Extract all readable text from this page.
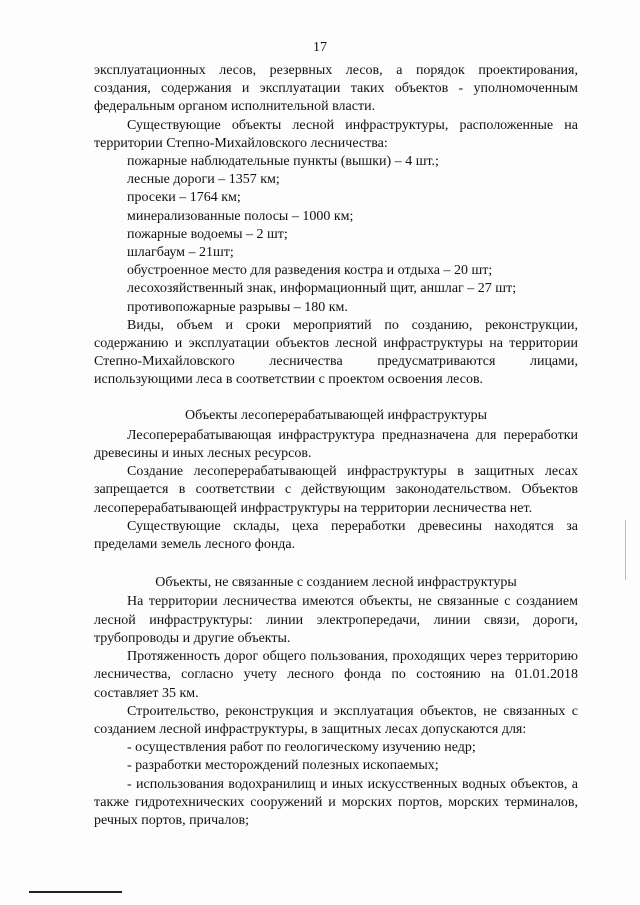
17

эксплуатационных лесов, резервных лесов, а порядок проектирования,

создания, содержания и эксплуатации таких объектов - уполномоченным

федеральным органом исполнительной власти.

Существующие объекты лесной инфраструктуры, расположенные на территории Степно-Михайловского лесничества:

пожарные наблюдательные пункты (вышки) – 4 шт.;

лесные дороги – 1357 км;

просеки – 1764 км;

минерализованные полосы – 1000 км;

пожарные водоемы – 2 шт;

шлагбаум – 21шт;

обустроенное место для разведения костра и отдыха – 20 шт;

лесохозяйственный знак, информационный щит, аншлаг – 27 шт;

противопожарные разрывы – 180 км.

Виды, объем и сроки мероприятий по созданию, реконструкции, содержанию и эксплуатации объектов лесной инфраструктуры на территории Степно-Михайловского лесничества предусматриваются лицами, использующими леса в соответствии с проектом освоения лесов.

Объекты лесоперерабатывающей инфраструктуры

Лесоперерабатывающая инфраструктура предназначена для переработки древесины и иных лесных ресурсов.

Создание лесоперерабатывающей инфраструктуры в защитных лесах запрещается в соответствии с действующим законодательством. Объектов лесоперерабатывающей инфраструктуры на территории лесничества нет.

Существующие склады, цеха переработки древесины находятся за пределами земель лесного фонда.

Объекты, не связанные с созданием лесной инфраструктуры

На территории лесничества имеются объекты, не связанные с созданием лесной инфраструктуры: линии электропередачи, линии связи, дороги, трубопроводы и другие объекты.

Протяженность дорог общего пользования, проходящих через территорию лесничества, согласно учету лесного фонда по состоянию на 01.01.2018 составляет 35 км.

Строительство, реконструкция и эксплуатация объектов, не связанных с созданием лесной инфраструктуры, в защитных лесах допускаются для:

- осуществления работ по геологическому изучению недр;

- разработки месторождений полезных ископаемых;

- использования водохранилищ и иных искусственных водных объектов, а также гидротехнических сооружений и морских портов, морских терминалов, речных портов, причалов;
